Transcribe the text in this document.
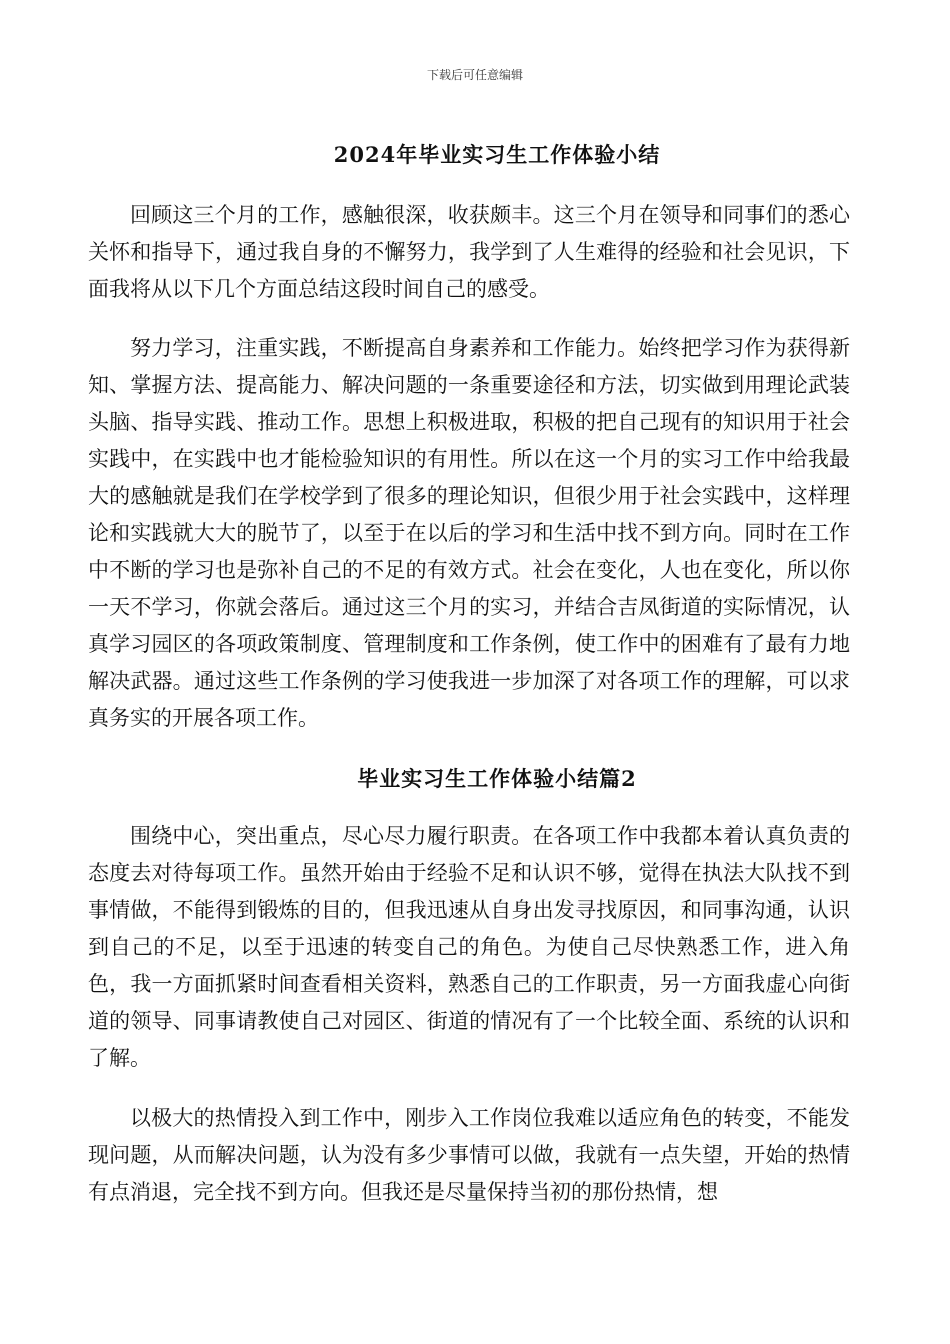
下载后可任意编辑
2024年毕业实习生工作体验小结

回顾这三个月的工作，感触很深，收获颇丰。这三个月在领导和同事们的悉心关怀和指导下，通过我自身的不懈努力，我学到了人生难得的经验和社会见识，下面我将从以下几个方面总结这段时间自己的感受。

努力学习，注重实践，不断提高自身素养和工作能力。始终把学习作为获得新知、掌握方法、提高能力、解决问题的一条重要途径和方法，切实做到用理论武装头脑、指导实践、推动工作。思想上积极进取，积极的把自己现有的知识用于社会实践中，在实践中也才能检验知识的有用性。所以在这一个月的实习工作中给我最大的感触就是我们在学校学到了很多的理论知识，但很少用于社会实践中，这样理论和实践就大大的脱节了，以至于在以后的学习和生活中找不到方向。同时在工作中不断的学习也是弥补自己的不足的有效方式。社会在变化，人也在变化，所以你一天不学习，你就会落后。通过这三个月的实习，并结合吉凤街道的实际情况，认真学习园区的各项政策制度、管理制度和工作条例，使工作中的困难有了最有力地解决武器。通过这些工作条例的学习使我进一步加深了对各项工作的理解，可以求真务实的开展各项工作。

毕业实习生工作体验小结篇2

围绕中心，突出重点，尽心尽力履行职责。在各项工作中我都本着认真负责的态度去对待每项工作。虽然开始由于经验不足和认识不够，觉得在执法大队找不到事情做，不能得到锻炼的目的，但我迅速从自身出发寻找原因，和同事沟通，认识到自己的不足，以至于迅速的转变自己的角色。为使自己尽快熟悉工作，进入角色，我一方面抓紧时间查看相关资料，熟悉自己的工作职责，另一方面我虚心向街道的领导、同事请教使自己对园区、街道的情况有了一个比较全面、系统的认识和了解。

以极大的热情投入到工作中，刚步入工作岗位我难以适应角色的转变，不能发现问题，从而解决问题，认为没有多少事情可以做，我就有一点失望，开始的热情有点消退，完全找不到方向。但我还是尽量保持当初的那份热情，想
